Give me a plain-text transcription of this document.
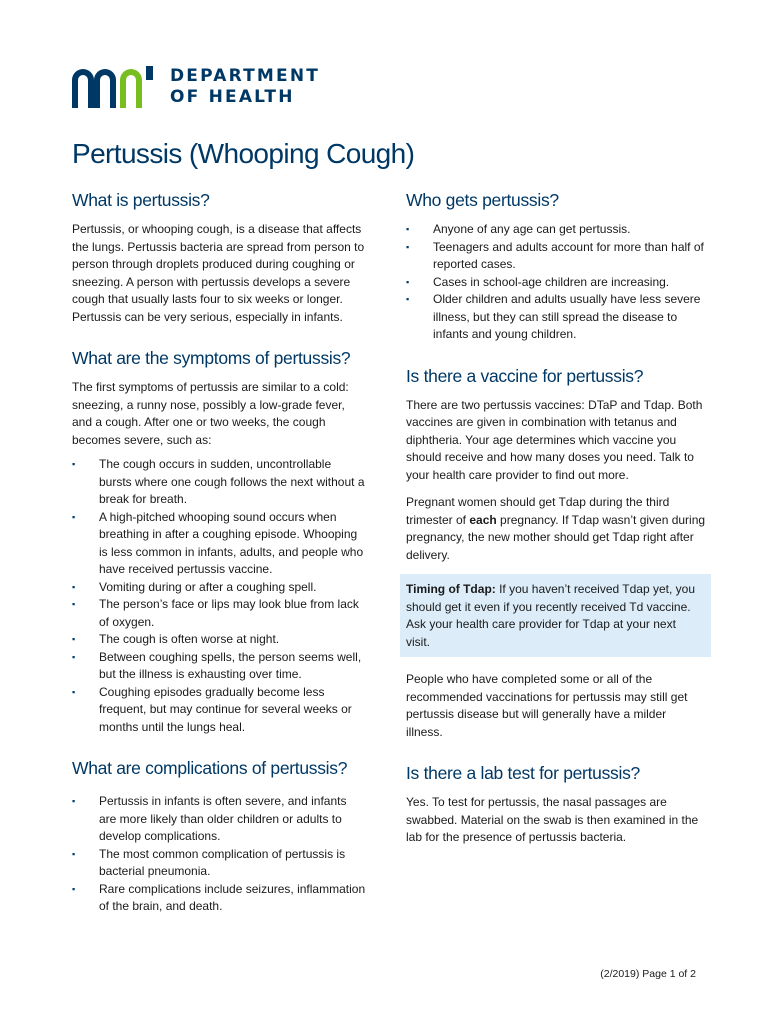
DEPARTMENT
OF HEALTH
Pertussis (Whooping Cough)
What is pertussis?

Pertussis, or whooping cough, is a disease that affects the lungs. Pertussis bacteria are spread from person to person through droplets produced during coughing or sneezing. A person with pertussis develops a severe cough that usually lasts four to six weeks or longer. Pertussis can be very serious, especially in infants.

What are the symptoms of pertussis?

The first symptoms of pertussis are similar to a cold: sneezing, a runny nose, possibly a low-grade fever, and a cough. After one or two weeks, the cough becomes severe, such as:

▪ The cough occurs in sudden, uncontrollable bursts where one cough follows the next without a break for breath.
▪ A high-pitched whooping sound occurs when breathing in after a coughing episode. Whooping is less common in infants, adults, and people who have received pertussis vaccine.
▪ Vomiting during or after a coughing spell.
▪ The person’s face or lips may look blue from lack of oxygen.
▪ The cough is often worse at night.
▪ Between coughing spells, the person seems well, but the illness is exhausting over time.
▪ Coughing episodes gradually become less frequent, but may continue for several weeks or months until the lungs heal.
What are complications of pertussis?
▪ Pertussis in infants is often severe, and infants are more likely than older children or adults to develop complications.
▪ The most common complication of pertussis is bacterial pneumonia.
▪ Rare complications include seizures, inflammation of the brain, and death.
Who gets pertussis?
▪ Anyone of any age can get pertussis.
▪ Teenagers and adults account for more than half of reported cases.
▪ Cases in school-age children are increasing.
▪ Older children and adults usually have less severe illness, but they can still spread the disease to infants and young children.
Is there a vaccine for pertussis?

There are two pertussis vaccines: DTaP and Tdap. Both vaccines are given in combination with tetanus and diphtheria. Your age determines which vaccine you should receive and how many doses you need. Talk to your health care provider to find out more.

Pregnant women should get Tdap during the third trimester of each pregnancy. If Tdap wasn’t given during pregnancy, the new mother should get Tdap right after delivery.

Timing of Tdap: If you haven’t received Tdap yet, you should get it even if you recently received Td vaccine. Ask your health care provider for Tdap at your next visit.

People who have completed some or all of the recommended vaccinations for pertussis may still get pertussis disease but will generally have a milder illness.

Is there a lab test for pertussis?

Yes. To test for pertussis, the nasal passages are swabbed. Material on the swab is then examined in the lab for the presence of pertussis bacteria.

(2/2019) Page 1 of 2
